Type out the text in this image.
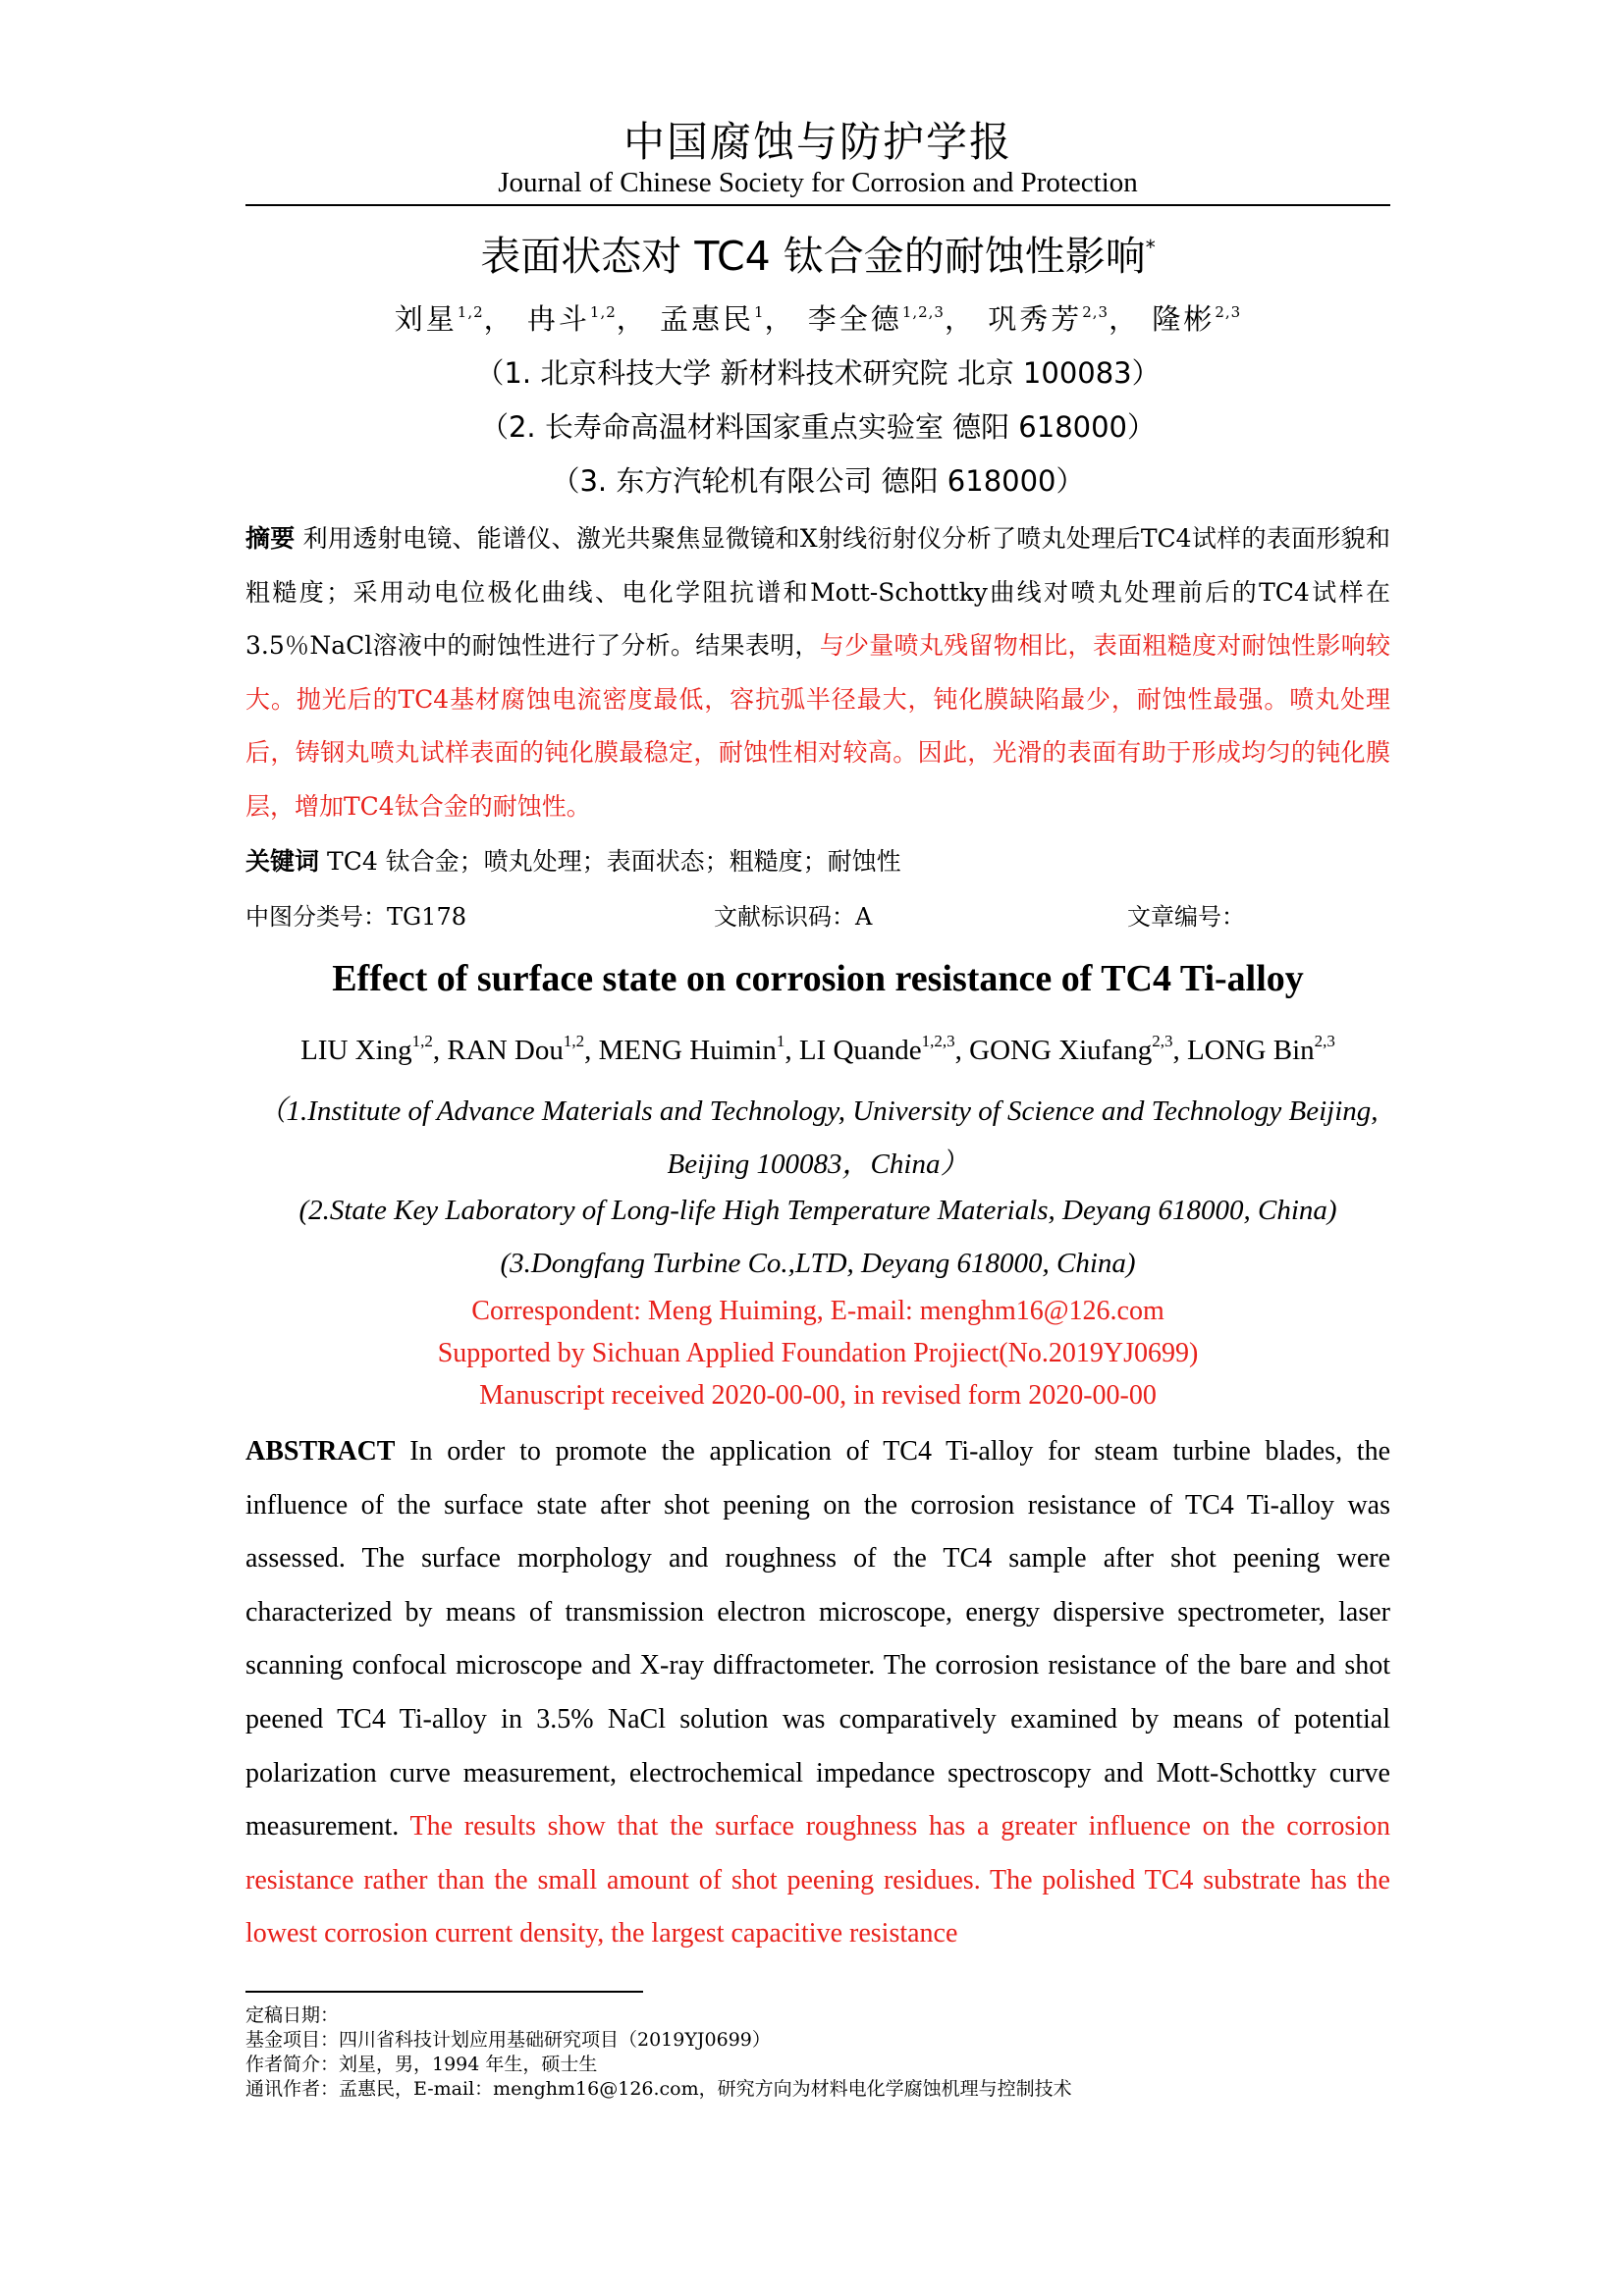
中国腐蚀与防护学报
Journal of Chinese Society for Corrosion and Protection
表面状态对 TC4 钛合金的耐蚀性影响*
刘星$^{1,2}$， 冉斗$^{1,2}$， 孟惠民$^1$， 李全德$^{1,2,3}$， 巩秀芳$^{2,3}$， 隆彬$^{2,3}$
（1. 北京科技大学 新材料技术研究院 北京 100083）
（2. 长寿命高温材料国家重点实验室 德阳 618000）
（3. 东方汽轮机有限公司 德阳 618000）
摘要 利用透射电镜、能谱仪、激光共聚焦显微镜和X射线衍射仪分析了喷丸处理后TC4试样的表面形貌和粗糙度；采用动电位极化曲线、电化学阻抗谱和Mott-Schottky曲线对喷丸处理前后的TC4试样在3.5％NaCl溶液中的耐蚀性进行了分析。结果表明，与少量喷丸残留物相比，表面粗糙度对耐蚀性影响较大。抛光后的TC4基材腐蚀电流密度最低，容抗弧半径最大，钝化膜缺陷最少，耐蚀性最强。喷丸处理后，铸钢丸喷丸试样表面的钝化膜最稳定，耐蚀性相对较高。因此，光滑的表面有助于形成均匀的钝化膜层，增加TC4钛合金的耐蚀性。
关键词 TC4 钛合金；喷丸处理；表面状态；粗糙度；耐蚀性
中图分类号：TG178	文献标识码：A	文章编号：
Effect of surface state on corrosion resistance of TC4 Ti-alloy
LIU Xing$^{1,2}$, RAN Dou$^{1,2}$, MENG Huimin$^1$, LI Quande$^{1,2,3}$, GONG Xiufang$^{2,3}$, LONG Bin$^{2,3}$
（1.Institute of Advance Materials and Technology, University of Science and Technology Beijing,
Beijing 100083，China）
(2.State Key Laboratory of Long-life High Temperature Materials, Deyang 618000, China)
(3.Dongfang Turbine Co.,LTD, Deyang 618000, China)
Correspondent: Meng Huiming, E-mail: menghm16@126.com
Supported by Sichuan Applied Foundation Projiect(No.2019YJ0699)
Manuscript received 2020-00-00, in revised form 2020-00-00
ABSTRACT In order to promote the application of TC4 Ti-alloy for steam turbine blades, the influence of the surface state after shot peening on the corrosion resistance of TC4 Ti-alloy was assessed. The surface morphology and roughness of the TC4 sample after shot peening were characterized by means of transmission electron microscope, energy dispersive spectrometer, laser scanning confocal microscope and X-ray diffractometer. The corrosion resistance of the bare and shot peened TC4 Ti-alloy in 3.5% NaCl solution was comparatively examined by means of potential polarization curve measurement, electrochemical impedance spectroscopy and Mott-Schottky curve measurement. The results show that the surface roughness has a greater influence on the corrosion resistance rather than the small amount of shot peening residues. The polished TC4 substrate has the lowest corrosion current density, the largest capacitive resistance
定稿日期：
基金项目：四川省科技计划应用基础研究项目（2019YJ0699）
作者简介：刘星，男，1994 年生，硕士生
通讯作者：孟惠民，E-mail：menghm16@126.com，研究方向为材料电化学腐蚀机理与控制技术
